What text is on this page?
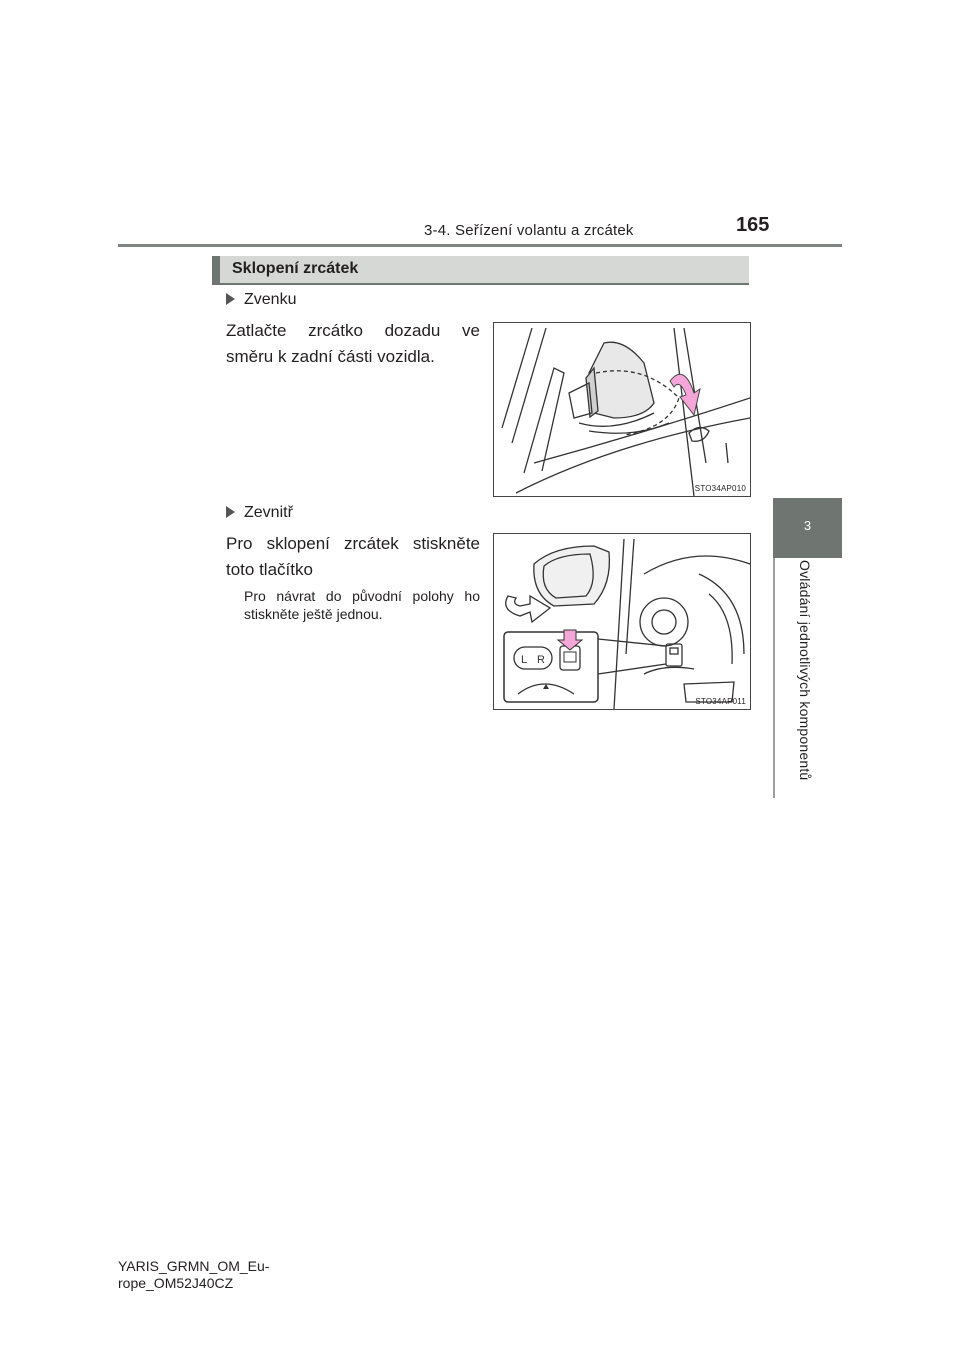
3-4. Seřízení volantu a zrcátek	165
3
Ovládání jednotlivých komponentů
Sklopení zrcátek
Zvenku
Zatlačte zrcátko dozadu ve směru k zadní části vozidla.
STO34AP010
Zevnitř
Pro sklopení zrcátek stiskněte toto tlačítko
Pro návrat do původní polohy ho stiskněte ještě jednou.
L R
STO34AP011
YARIS_GRMN_OM_Eu-
rope_OM52J40CZ
